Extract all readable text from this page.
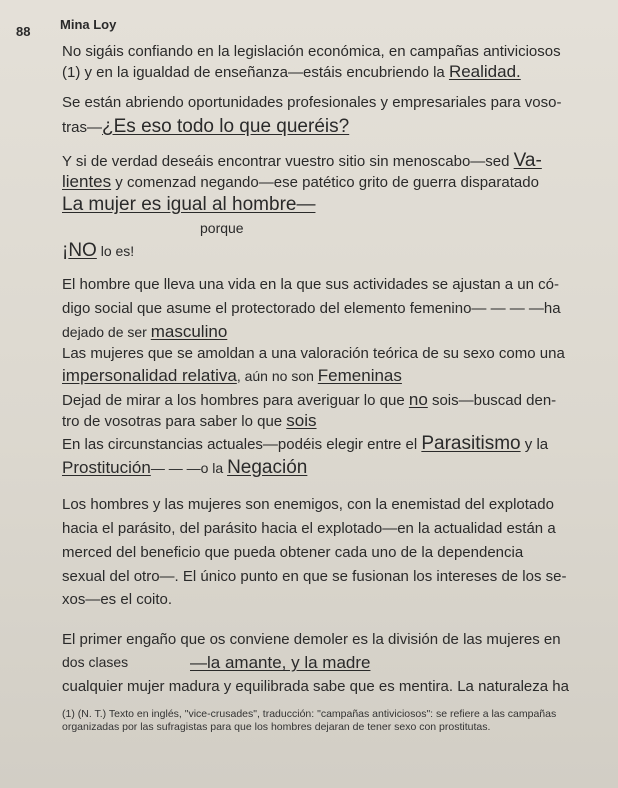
88 Mina Loy
No sigáis confiando en la legislación económica, en campañas antiviciosos
(1) y en la igualdad de enseñanza—estáis encubriendo la Realidad.
Se están abriendo oportunidades profesionales y empresariales para voso-
tras—¿Es eso todo lo que queréis?
Y si de verdad deseáis encontrar vuestro sitio sin menoscabo—sed Va-
lientes y comenzad negando—ese patético grito de guerra disparatado
La mujer es igual al hombre—
porque
¡NO lo es!
El hombre que lleva una vida en la que sus actividades se ajustan a un có-
digo social que asume el protectorado del elemento femenino— — — —ha
dejado de ser masculino
Las mujeres que se amoldan a una valoración teórica de su sexo como una
impersonalidad relativa, aún no son Femeninas
Dejad de mirar a los hombres para averiguar lo que no sois—buscad den-
tro de vosotras para saber lo que sois
En las circunstancias actuales—podéis elegir entre el Parasitismo y la
Prostitución— — —o la Negación
Los hombres y las mujeres son enemigos, con la enemistad del explotado
hacia el parásito, del parásito hacia el explotado—en la actualidad están a
merced del beneficio que pueda obtener cada uno de la dependencia
sexual del otro—. El único punto en que se fusionan los intereses de los se-
xos—es el coito.
El primer engaño que os conviene demoler es la división de las mujeres en
dos clases	—la amante, y la madre
cualquier mujer madura y equilibrada sabe que es mentira. La naturaleza ha
(1) (N. T.) Texto en inglés, "vice-crusades", traducción: "campañas antiviciosos": se refiere a las campañas
organizadas por las sufragistas para que los hombres dejaran de tener sexo con prostitutas.
